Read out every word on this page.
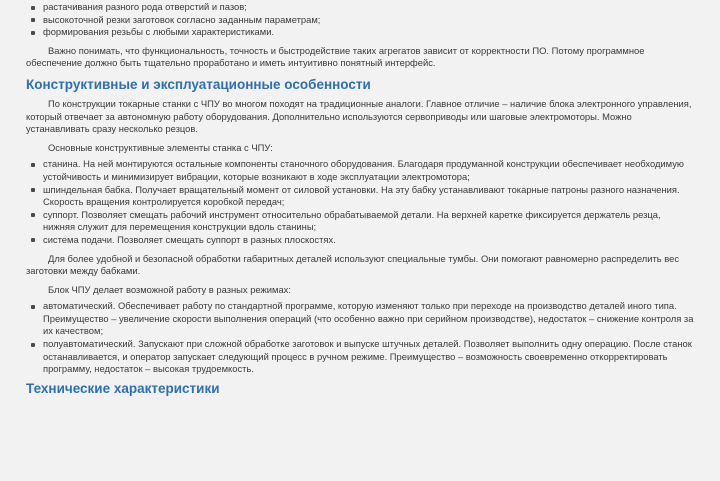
растачивания разного рода отверстий и пазов;
высокоточной резки заготовок согласно заданным параметрам;
формирования резьбы с любыми характеристиками.

Важно понимать, что функциональность, точность и быстродействие таких агрегатов зависит от корректности ПО. Потому программное обеспечение должно быть тщательно проработано и иметь интуитивно понятный интерфейс.

Конструктивные и эксплуатационные особенности

По конструкции токарные станки с ЧПУ во многом походят на традиционные аналоги. Главное отличие – наличие блока электронного управления, который отвечает за автономную работу оборудования. Дополнительно используются сервоприводы или шаговые электромоторы. Можно устанавливать сразу несколько резцов.

Основные конструктивные элементы станка с ЧПУ:

станина. На ней монтируются остальные компоненты станочного оборудования. Благодаря продуманной конструкции обеспечивает необходимую устойчивость и минимизирует вибрации, которые возникают в ходе эксплуатации электромотора;
шпиндельная бабка. Получает вращательный момент от силовой установки. На эту бабку устанавливают токарные патроны разного назначения. Скорость вращения контролируется коробкой передач;
суппорт. Позволяет смещать рабочий инструмент относительно обрабатываемой детали. На верхней каретке фиксируется держатель резца, нижняя служит для перемещения конструкции вдоль станины;
система подачи. Позволяет смещать суппорт в разных плоскостях.

Для более удобной и безопасной обработки габаритных деталей используют специальные тумбы. Они помогают равномерно распределить вес заготовки между бабками.

Блок ЧПУ делает возможной работу в разных режимах:

автоматический. Обеспечивает работу по стандартной программе, которую изменяют только при переходе на производство деталей иного типа. Преимущество – увеличение скорости выполнения операций (что особенно важно при серийном производстве), недостаток – снижение контроля за их качеством;
полуавтоматический. Запускают при сложной обработке заготовок и выпуске штучных деталей. Позволяет выполнить одну операцию. После станок останавливается, и оператор запускает следующий процесс в ручном режиме. Преимущество – возможность своевременно откорректировать программу, недостаток – высокая трудоемкость.
Технические характеристики
